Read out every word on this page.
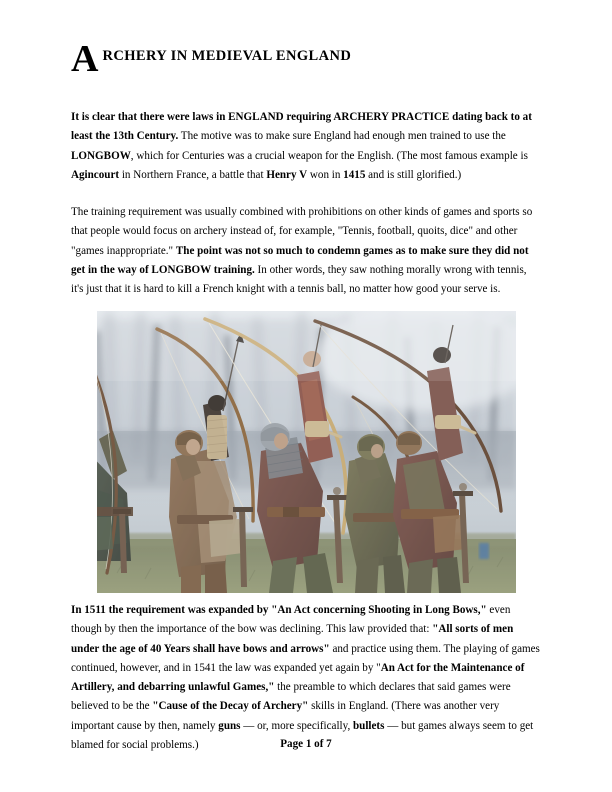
A RCHERY IN MEDIEVAL ENGLAND
It is clear that there were laws in ENGLAND requiring ARCHERY PRACTICE dating back to at least the 13th Century. The motive was to make sure England had enough men trained to use the LONGBOW, which for Centuries was a crucial weapon for the English. (The most famous example is Agincourt in Northern France, a battle that Henry V won in 1415 and is still glorified.)
The training requirement was usually combined with prohibitions on other kinds of games and sports so that people would focus on archery instead of, for example, "Tennis, football, quoits, dice" and other "games inappropriate." The point was not so much to condemn games as to make sure they did not get in the way of LONGBOW training. In other words, they saw nothing morally wrong with tennis, it's just that it is hard to kill a French knight with a tennis ball, no matter how good your serve is.
In 1511 the requirement was expanded by "An Act concerning Shooting in Long Bows," even though by then the importance of the bow was declining. This law provided that: "All sorts of men under the age of 40 Years shall have bows and arrows" and practice using them. The playing of games continued, however, and in 1541 the law was expanded yet again by "An Act for the Maintenance of Artillery, and debarring unlawful Games," the preamble to which declares that said games were believed to be the "Cause of the Decay of Archery" skills in England. (There was another very important cause by then, namely guns — or, more specifically, bullets — but games always seem to get blamed for social problems.)	Page 1 of 7
